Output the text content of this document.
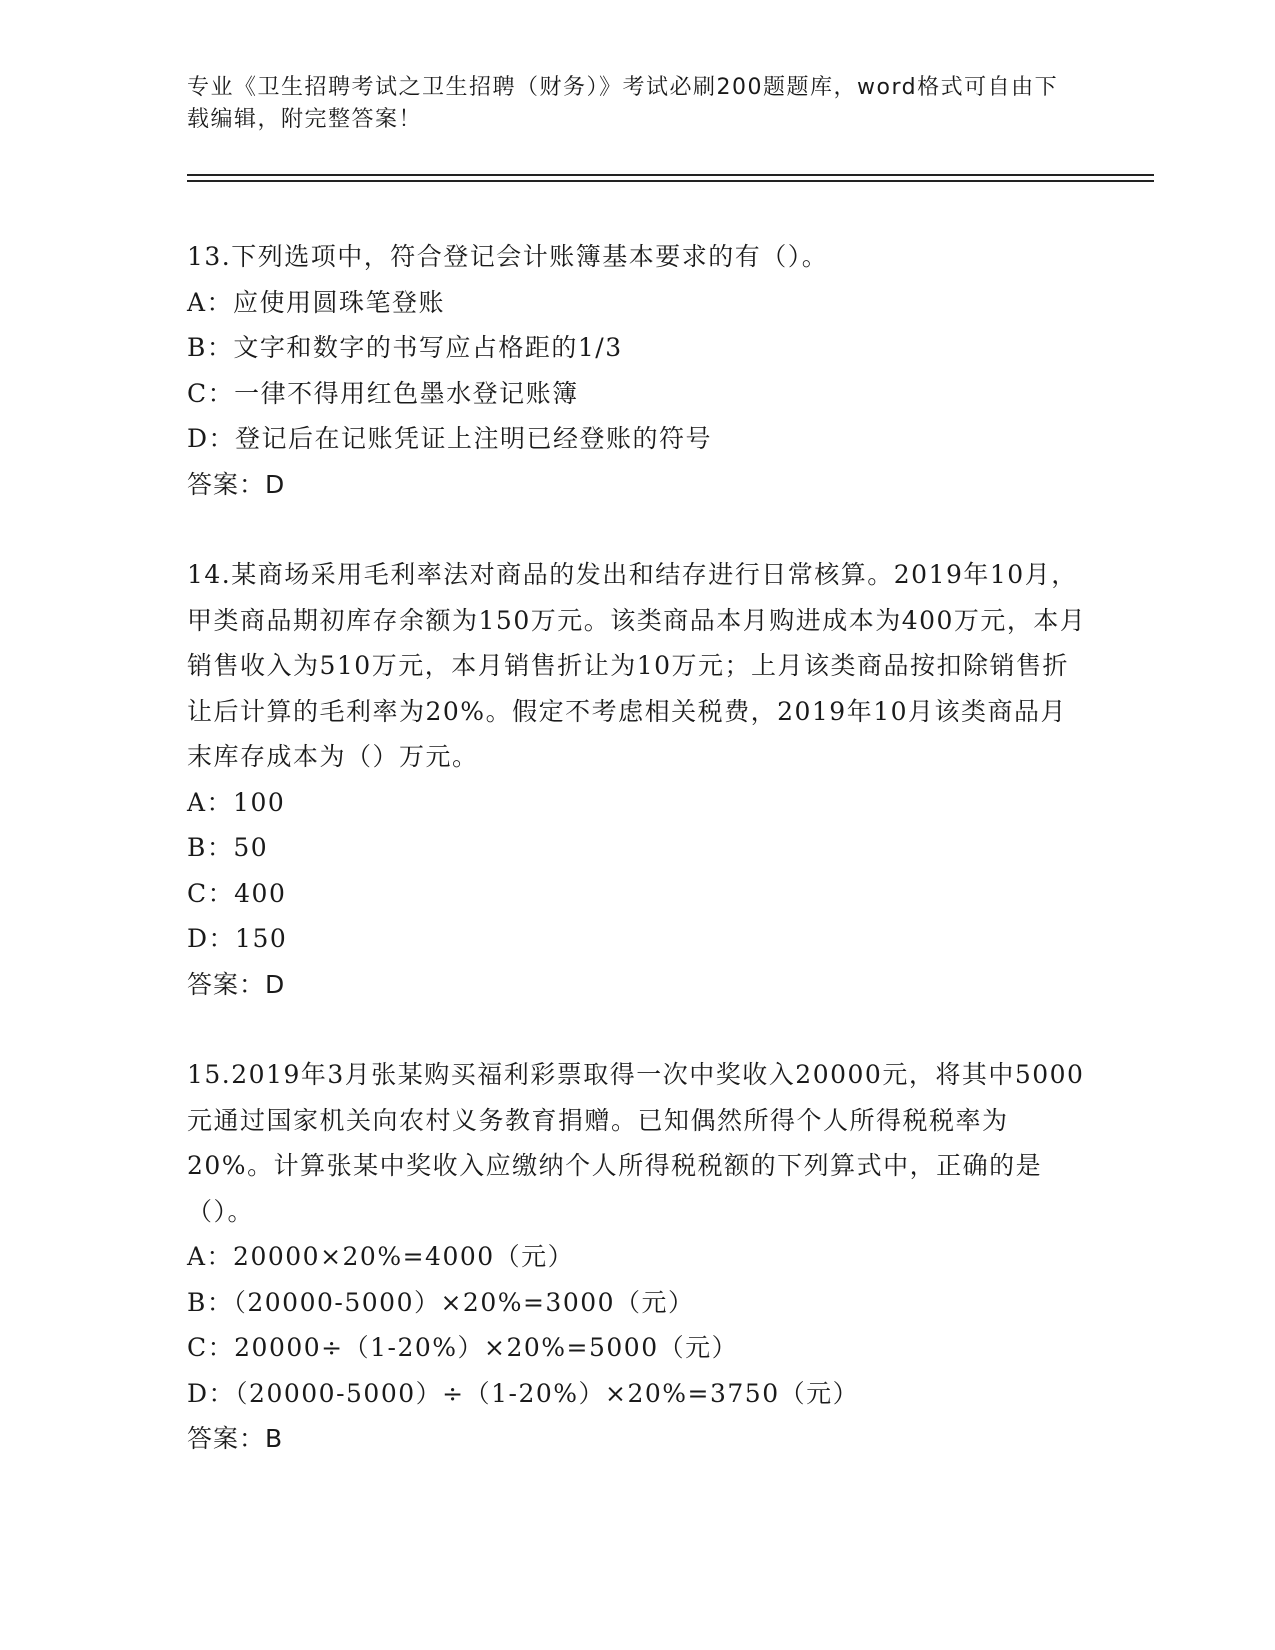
专业《卫生招聘考试之卫生招聘（财务）》考试必刷200题题库，word格式可自由下载编辑，附完整答案！

13.下列选项中，符合登记会计账簿基本要求的有（）。

A：应使用圆珠笔登账

B：文字和数字的书写应占格距的1/3

C：一律不得用红色墨水登记账簿

D：登记后在记账凭证上注明已经登账的符号

答案：D

14.某商场采用毛利率法对商品的发出和结存进行日常核算。2019年10月，甲类商品期初库存余额为150万元。该类商品本月购进成本为400万元，本月销售收入为510万元，本月销售折让为10万元；上月该类商品按扣除销售折让后计算的毛利率为20%。假定不考虑相关税费，2019年10月该类商品月末库存成本为（）万元。

A：100

B：50

C：400

D：150

答案：D

15.2019年3月张某购买福利彩票取得一次中奖收入20000元，将其中5000元通过国家机关向农村义务教育捐赠。已知偶然所得个人所得税税率为20%。计算张某中奖收入应缴纳个人所得税税额的下列算式中，正确的是（）。

A：20000×20%=4000（元）

B：（20000-5000）×20%=3000（元）

C：20000÷（1-20%）×20%=5000（元）

D：（20000-5000）÷（1-20%）×20%=3750（元）

答案：B
